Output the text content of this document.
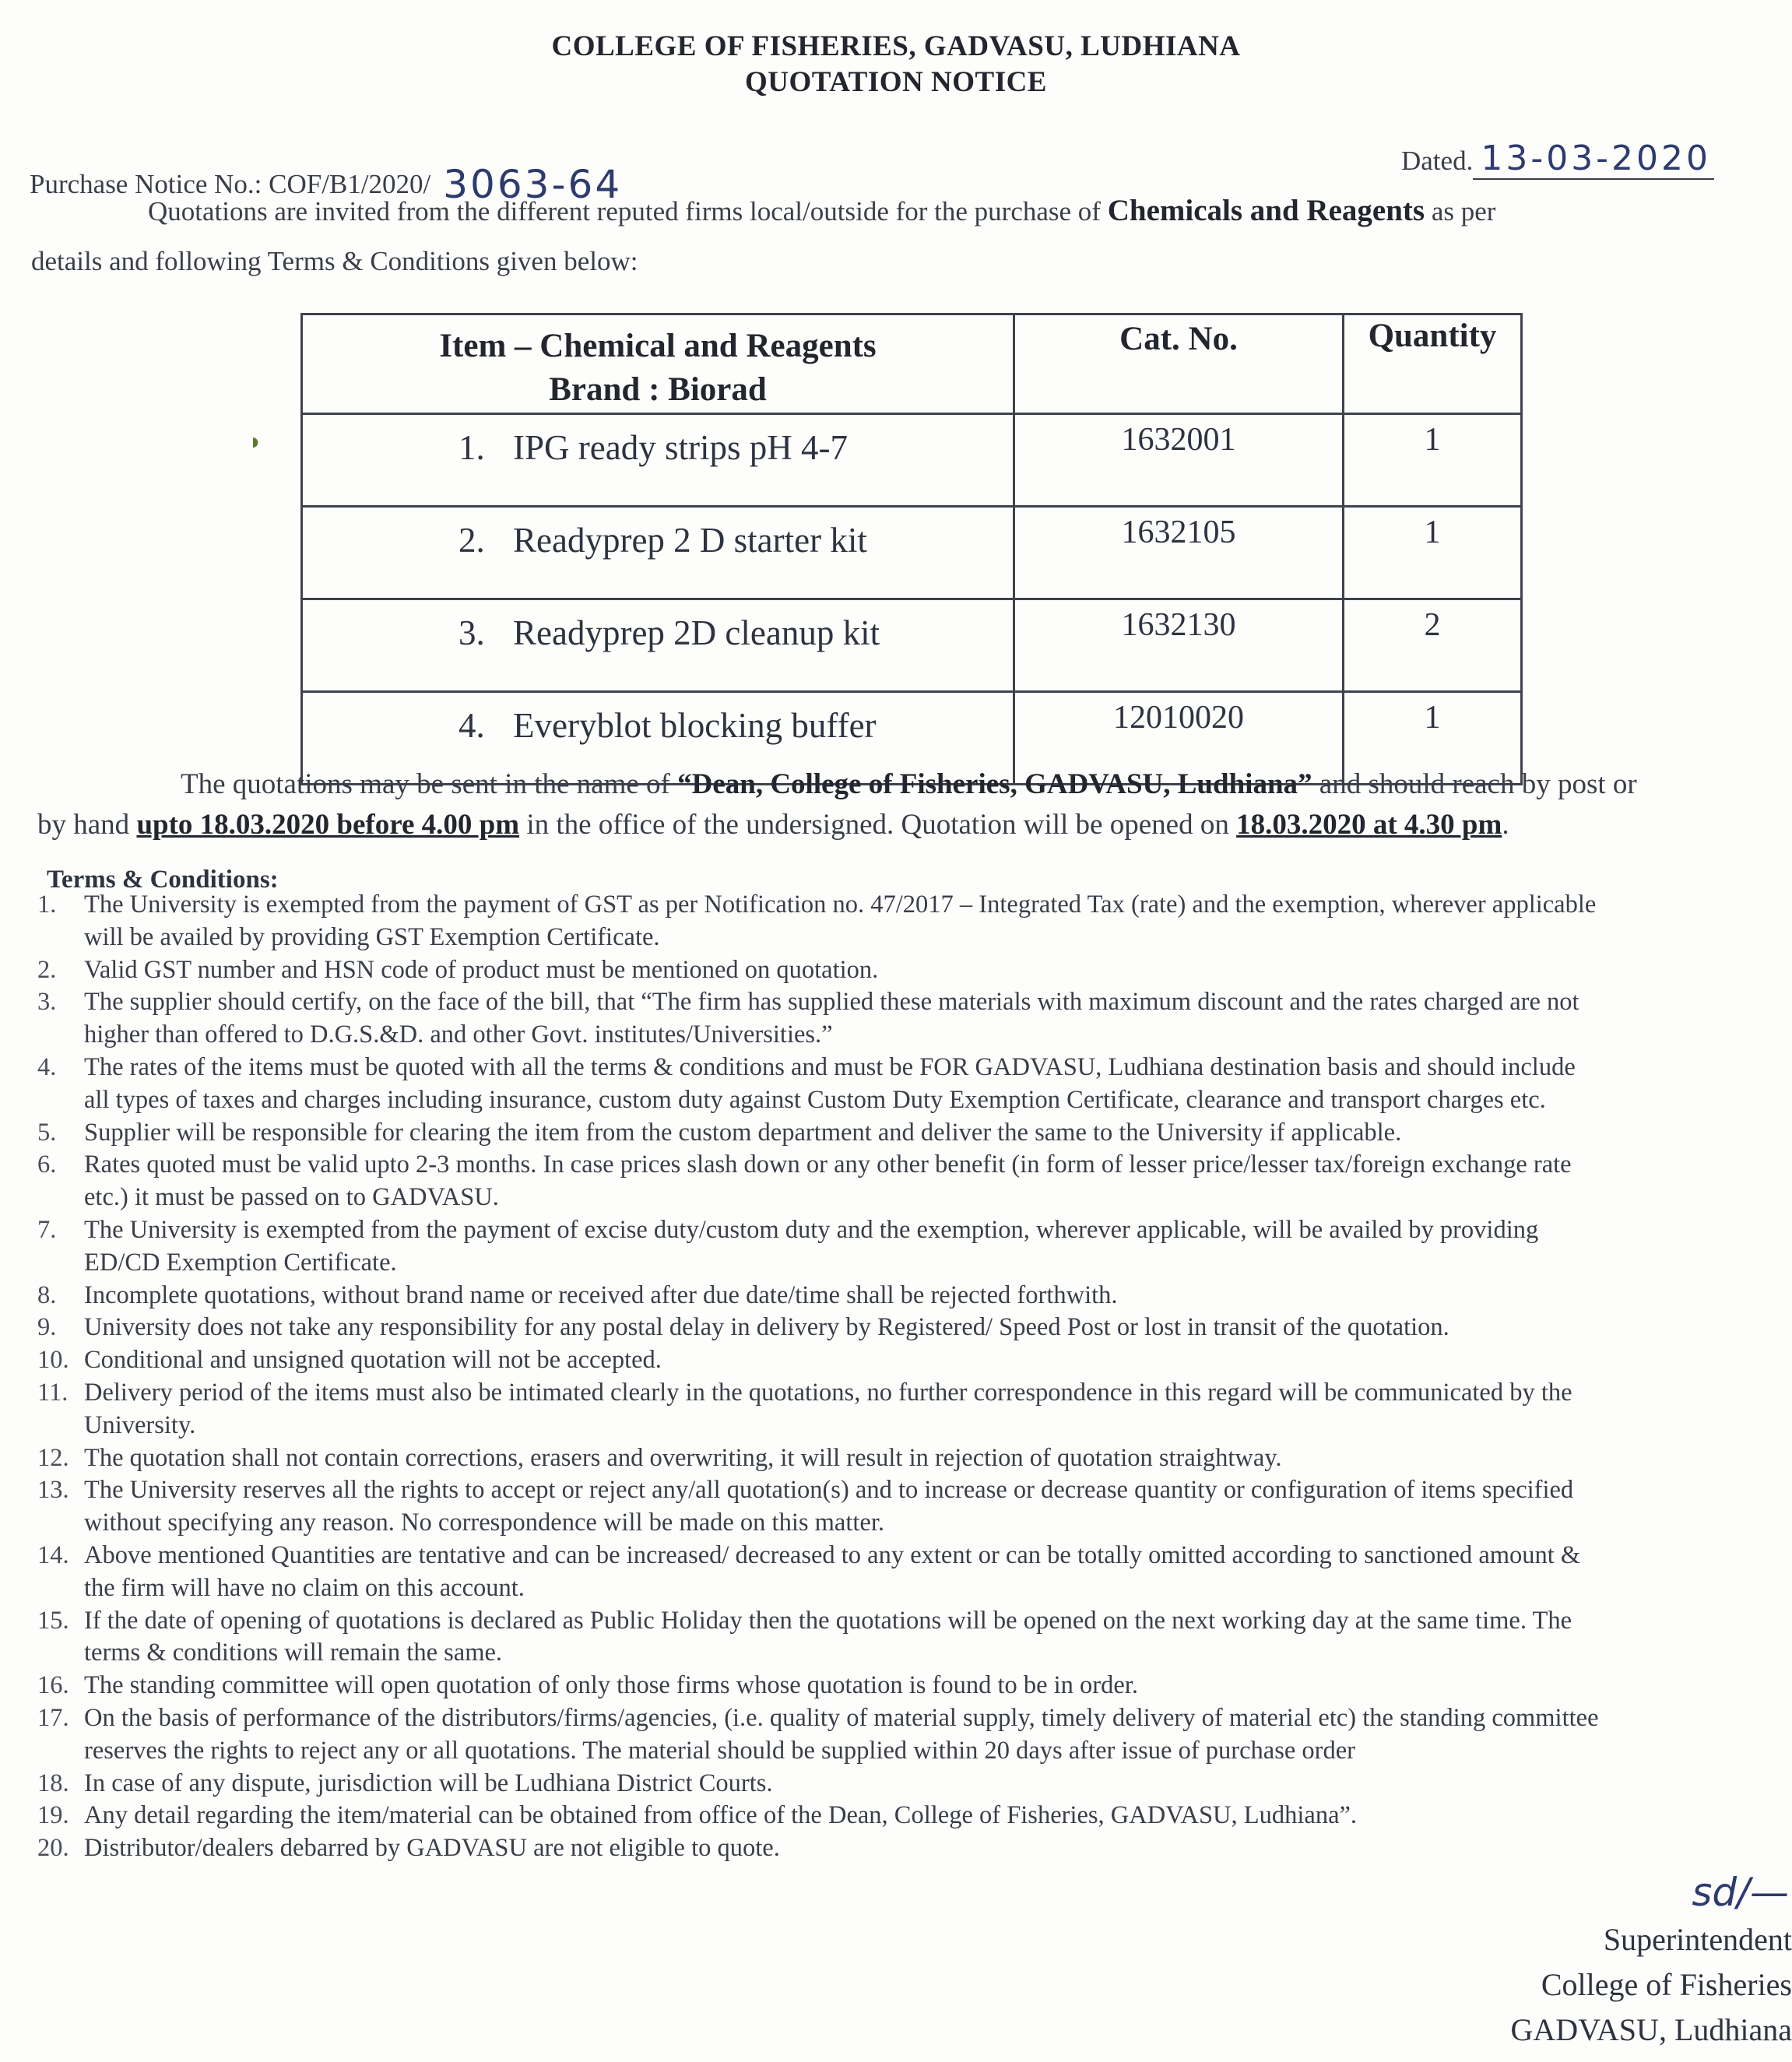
COLLEGE OF FISHERIES, GADVASU, LUDHIANA
QUOTATION NOTICE
Purchase Notice No.: COF/B1/2020/ 3063-64
Dated. 13-03-2020
Quotations are invited from the different reputed firms local/outside for the purchase of Chemicals and Reagents as per
details and following Terms & Conditions given below:
Item – Chemical and Reagents
Brand : Biorad	Cat. No.	Quantity

◗ 1. IPG ready strips pH 4-7	1632001	1
2. Readyprep 2 D starter kit	1632105	1
3. Readyprep 2D cleanup kit	1632130	2
4. Everyblot blocking buffer	12010020	1
The quotations may be sent in the name of “Dean, College of Fisheries, GADVASU, Ludhiana” and should reach by post or
by hand upto 18.03.2020 before 4.00 pm in the office of the undersigned. Quotation will be opened on 18.03.2020 at 4.30 pm.
Terms & Conditions:
1.	The University is exempted from the payment of GST as per Notification no. 47/2017 – Integrated Tax (rate) and the exemption, wherever applicable
will be availed by providing GST Exemption Certificate.
2.	Valid GST number and HSN code of product must be mentioned on quotation.
3.	The supplier should certify, on the face of the bill, that “The firm has supplied these materials with maximum discount and the rates charged are not
higher than offered to D.G.S.&D. and other Govt. institutes/Universities.”
4.	The rates of the items must be quoted with all the terms & conditions and must be FOR GADVASU, Ludhiana destination basis and should include
all types of taxes and charges including insurance, custom duty against Custom Duty Exemption Certificate, clearance and transport charges etc.
5.	Supplier will be responsible for clearing the item from the custom department and deliver the same to the University if applicable.
6.	Rates quoted must be valid upto 2-3 months. In case prices slash down or any other benefit (in form of lesser price/lesser tax/foreign exchange rate
etc.) it must be passed on to GADVASU.
7.	The University is exempted from the payment of excise duty/custom duty and the exemption, wherever applicable, will be availed by providing
ED/CD Exemption Certificate.
8.	Incomplete quotations, without brand name or received after due date/time shall be rejected forthwith.
9.	University does not take any responsibility for any postal delay in delivery by Registered/ Speed Post or lost in transit of the quotation.
10. Conditional and unsigned quotation will not be accepted.
11. Delivery period of the items must also be intimated clearly in the quotations, no further correspondence in this regard will be communicated by the
University.
12. The quotation shall not contain corrections, erasers and overwriting, it will result in rejection of quotation straightway.
13. The University reserves all the rights to accept or reject any/all quotation(s) and to increase or decrease quantity or configuration of items specified
without specifying any reason. No correspondence will be made on this matter.
14. Above mentioned Quantities are tentative and can be increased/ decreased to any extent or can be totally omitted according to sanctioned amount &
the firm will have no claim on this account.
15. If the date of opening of quotations is declared as Public Holiday then the quotations will be opened on the next working day at the same time. The
terms & conditions will remain the same.
16. The standing committee will open quotation of only those firms whose quotation is found to be in order.
17. On the basis of performance of the distributors/firms/agencies, (i.e. quality of material supply, timely delivery of material etc) the standing committee
reserves the rights to reject any or all quotations. The material should be supplied within 20 days after issue of purchase order
18. In case of any dispute, jurisdiction will be Ludhiana District Courts.
19. Any detail regarding the item/material can be obtained from office of the Dean, College of Fisheries, GADVASU, Ludhiana”.
20. Distributor/dealers debarred by GADVASU are not eligible to quote.
sd/—
Superintendent
College of Fisheries
GADVASU, Ludhiana
